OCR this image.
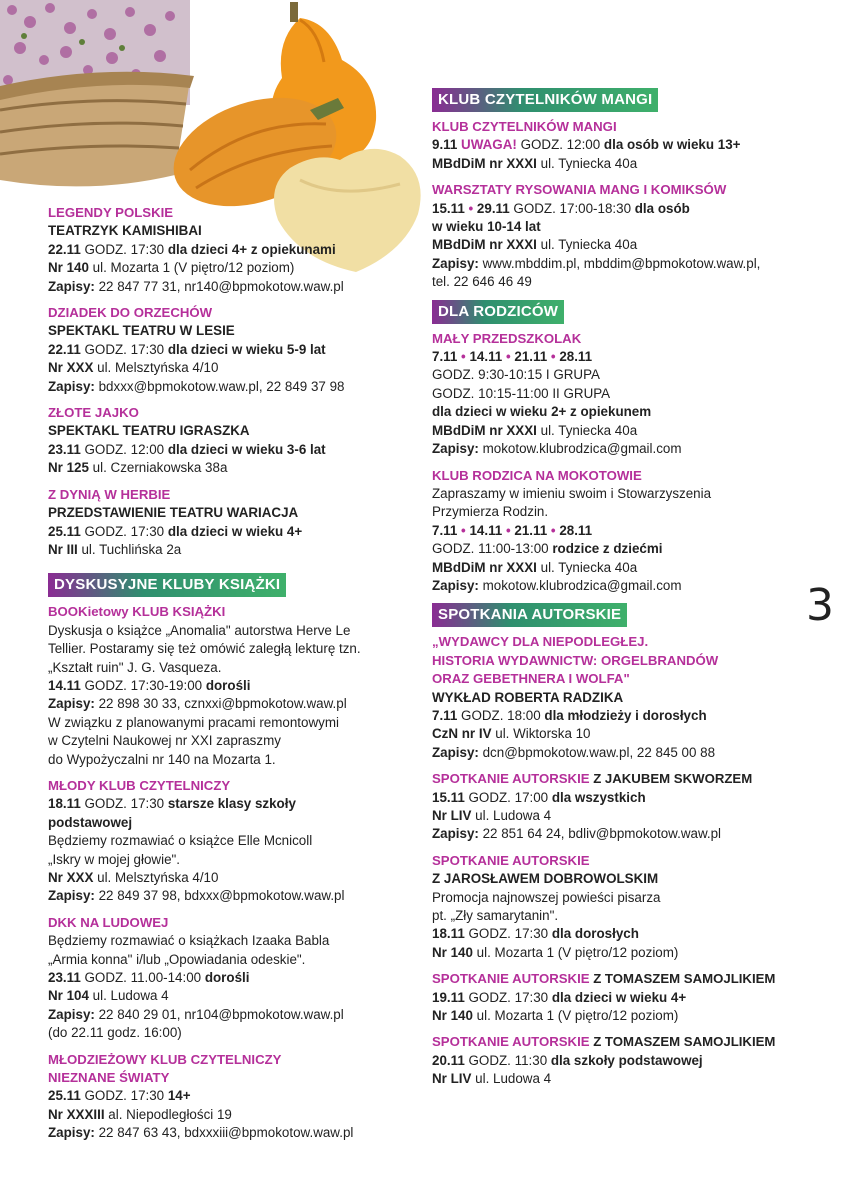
LEGENDY POLSKIE
TEATRZYK KAMISHIBAI
22.11 GODZ. 17:30 dla dzieci 4+ z opiekunami
Nr 140 ul. Mozarta 1 (V piętro/12 poziom)
Zapisy: 22 847 77 31, nr140@bpmokotow.waw.pl
DZIADEK DO ORZECHÓW
SPEKTAKL TEATRU W LESIE
22.11 GODZ. 17:30 dla dzieci w wieku 5-9 lat
Nr XXX ul. Melsztyńska 4/10
Zapisy: bdxxx@bpmokotow.waw.pl, 22 849 37 98
ZŁOTE JAJKO
SPEKTAKL TEATRU IGRASZKA
23.11 GODZ. 12:00 dla dzieci w wieku 3-6 lat
Nr 125 ul. Czerniakowska 38a
Z DYNIĄ W HERBIE
PRZEDSTAWIENIE TEATRU WARIACJA
25.11 GODZ. 17:30 dla dzieci w wieku 4+
Nr III ul. Tuchlińska 2a
DYSKUSYJNE KLUBY KSIĄŻKI
BOOKietowy KLUB KSIĄŻKI
Dyskusja o książce „Anomalia" autorstwa Herve Le
Tellier. Postaramy się też omówić zaległą lekturę tzn.
„Kształt ruin" J. G. Vasqueza.
14.11 GODZ. 17:30-19:00 dorośli
Zapisy: 22 898 30 33, cznxxi@bpmokotow.waw.pl
W związku z planowanymi pracami remontowymi
w Czytelni Naukowej nr XXI zapraszmy
do Wypożyczalni nr 140 na Mozarta 1.
MŁODY KLUB CZYTELNICZY
18.11 GODZ. 17:30 starsze klasy szkoły
podstawowej
Będziemy rozmawiać o książce Elle Mcnicoll
„Iskry w mojej głowie".
Nr XXX ul. Melsztyńska 4/10
Zapisy: 22 849 37 98, bdxxx@bpmokotow.waw.pl
DKK NA LUDOWEJ
Będziemy rozmawiać o książkach Izaaka Babla
„Armia konna" i/lub „Opowiadania odeskie".
23.11 GODZ. 11.00-14:00 dorośli
Nr 104 ul. Ludowa 4
Zapisy: 22 840 29 01, nr104@bpmokotow.waw.pl
(do 22.11 godz. 16:00)
MŁODZIEŻOWY KLUB CZYTELNICZY
NIEZNANE ŚWIATY
25.11 GODZ. 17:30 14+
Nr XXXIII al. Niepodległości 19
Zapisy: 22 847 63 43, bdxxxiii@bpmokotow.waw.pl
KLUB CZYTELNIKÓW MANGI
KLUB CZYTELNIKÓW MANGI
9.11 UWAGA! GODZ. 12:00 dla osób w wieku 13+
MBdDiM nr XXXI ul. Tyniecka 40a
WARSZTATY RYSOWANIA MANG I KOMIKSÓW
15.11 • 29.11 GODZ. 17:00-18:30 dla osób
w wieku 10-14 lat
MBdDiM nr XXXI ul. Tyniecka 40a
Zapisy: www.mbddim.pl, mbddim@bpmokotow.waw.pl,
tel. 22 646 46 49
DLA RODZICÓW
MAŁY PRZEDSZKOLAK
7.11 • 14.11 • 21.11 • 28.11
GODZ. 9:30-10:15 I GRUPA
GODZ. 10:15-11:00 II GRUPA
dla dzieci w wieku 2+ z opiekunem
MBdDiM nr XXXI ul. Tyniecka 40a
Zapisy: mokotow.klubrodzica@gmail.com
KLUB RODZICA NA MOKOTOWIE
Zapraszamy w imieniu swoim i Stowarzyszenia
Przymierza Rodzin.
7.11 • 14.11 • 21.11 • 28.11
GODZ. 11:00-13:00 rodzice z dziećmi
MBdDiM nr XXXI ul. Tyniecka 40a
Zapisy: mokotow.klubrodzica@gmail.com
SPOTKANIA AUTORSKIE
„WYDAWCY DLA NIEPODLEGŁEJ.
HISTORIA WYDAWNICTW: ORGELBRANDÓW
ORAZ GEBETHNERA I WOLFA"
WYKŁAD ROBERTA RADZIKA
7.11 GODZ. 18:00 dla młodzieży i dorosłych
CzN nr IV ul. Wiktorska 10
Zapisy: dcn@bpmokotow.waw.pl, 22 845 00 88
SPOTKANIE AUTORSKIE Z JAKUBEM SKWORZEM
15.11 GODZ. 17:00 dla wszystkich
Nr LIV ul. Ludowa 4
Zapisy: 22 851 64 24, bdliv@bpmokotow.waw.pl
SPOTKANIE AUTORSKIE
Z JAROSŁAWEM DOBROWOLSKIM
Promocja najnowszej powieści pisarza
pt. „Zły samarytanin".
18.11 GODZ. 17:30 dla dorosłych
Nr 140 ul. Mozarta 1 (V piętro/12 poziom)
SPOTKANIE AUTORSKIE Z TOMASZEM SAMOJLIKIEM
19.11 GODZ. 17:30 dla dzieci w wieku 4+
Nr 140 ul. Mozarta 1 (V piętro/12 poziom)
SPOTKANIE AUTORSKIE Z TOMASZEM SAMOJLIKIEM
20.11 GODZ. 11:30 dla szkoły podstawowej
Nr LIV ul. Ludowa 4
3
